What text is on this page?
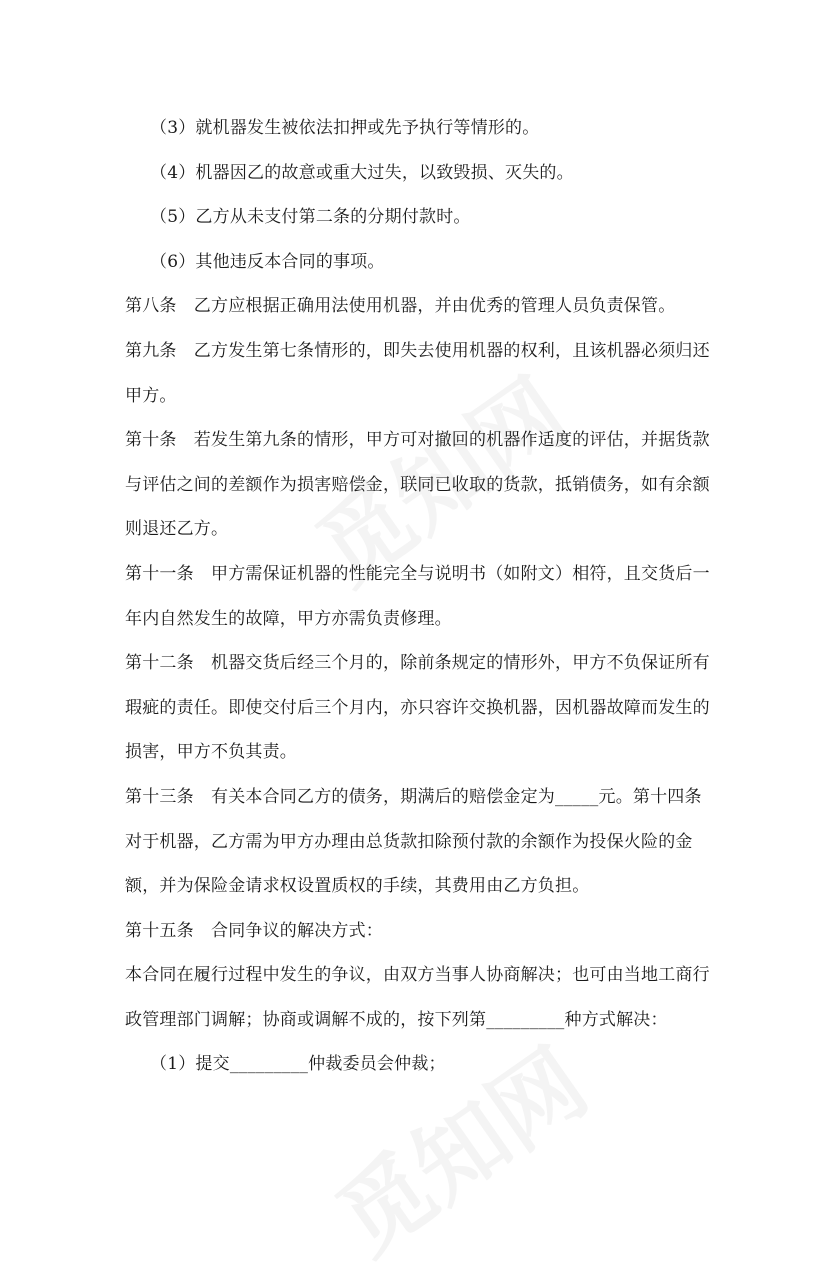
（3）就机器发生被依法扣押或先予执行等情形的。
（4）机器因乙的故意或重大过失，以致毁损、灭失的。
（5）乙方从未支付第二条的分期付款时。
（6）其他违反本合同的事项。
第八条　乙方应根据正确用法使用机器，并由优秀的管理人员负责保管。
第九条　乙方发生第七条情形的，即失去使用机器的权利，且该机器必须归还
甲方。
第十条　若发生第九条的情形，甲方可对撤回的机器作适度的评估，并据货款
与评估之间的差额作为损害赔偿金，联同已收取的货款，抵销债务，如有余额
则退还乙方。
第十一条　甲方需保证机器的性能完全与说明书（如附文）相符，且交货后一
年内自然发生的故障，甲方亦需负责修理。
第十二条　机器交货后经三个月的，除前条规定的情形外，甲方不负保证所有
瑕疵的责任。即使交付后三个月内，亦只容许交换机器，因机器故障而发生的
损害，甲方不负其责。
第十三条　有关本合同乙方的债务，期满后的赔偿金定为_____元。第十四条
对于机器，乙方需为甲方办理由总货款扣除预付款的余额作为投保火险的金
额，并为保险金请求权设置质权的手续，其费用由乙方负担。
第十五条　合同争议的解决方式：
本合同在履行过程中发生的争议，由双方当事人协商解决；也可由当地工商行
政管理部门调解；协商或调解不成的，按下列第_________种方式解决：
（1）提交_________仲裁委员会仲裁；
